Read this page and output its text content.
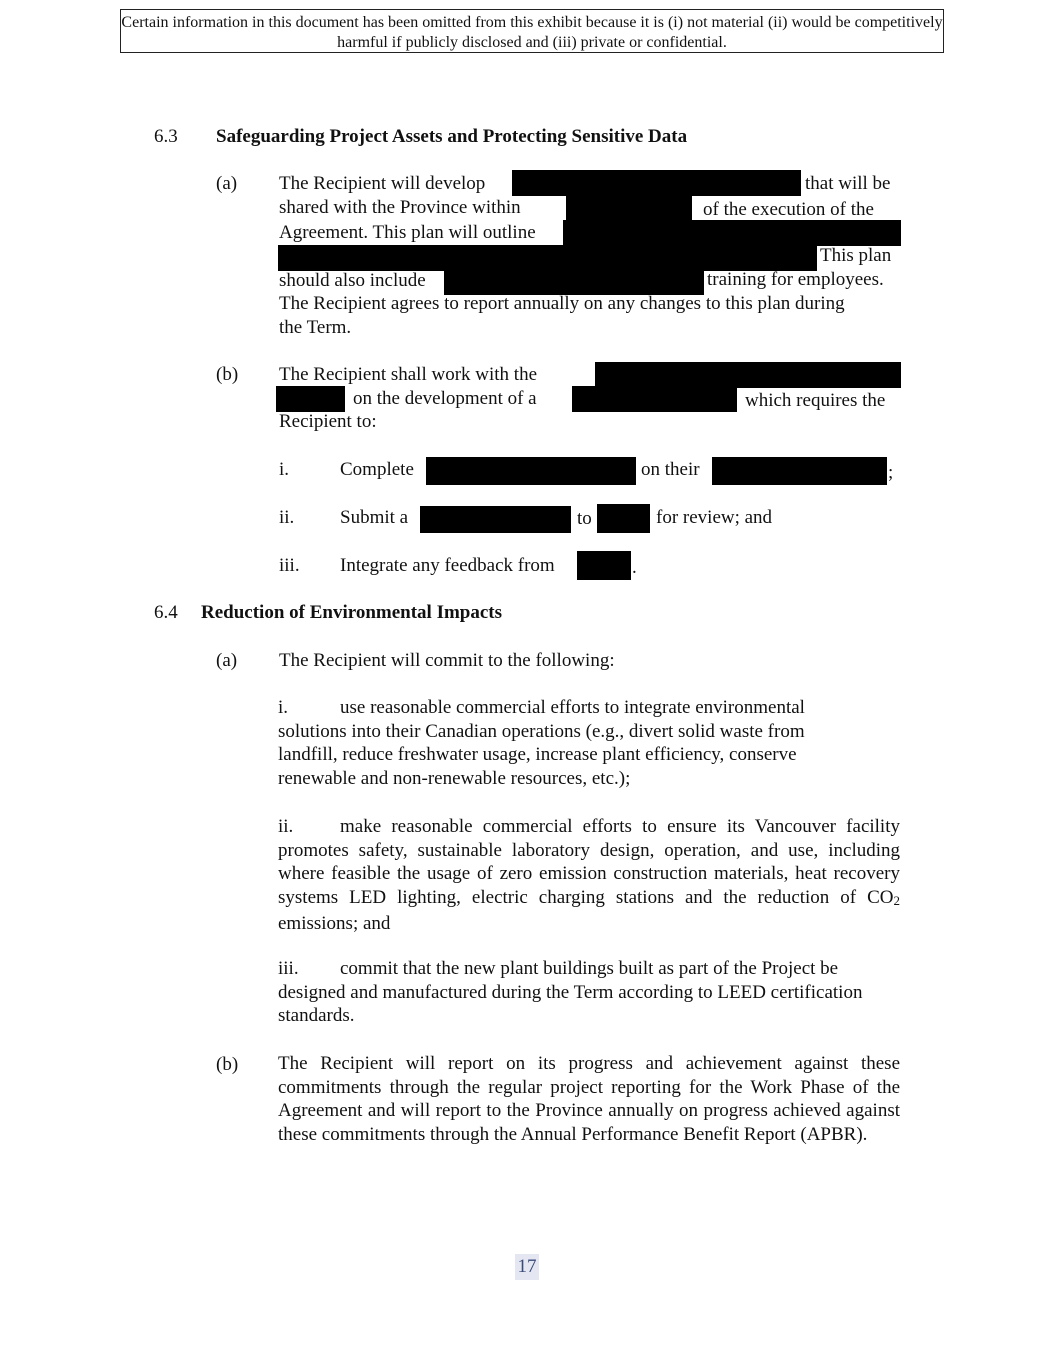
Certain information in this document has been omitted from this exhibit because it is (i) not material (ii) would be competitively harmful if publicly disclosed and (iii) private or confidential.
6.3 Safeguarding Project Assets and Protecting Sensitive Data
(a) The Recipient will develop	that will be
shared with the Province within	of the execution of the
Agreement. This plan will outline
This plan
should also include	training for employees.
The Recipient agrees to report annually on any changes to this plan during
the Term.
(b) The Recipient shall work with the
on the development of a	which requires the
Recipient to:
i.	Complete	on their	;
ii. Submit a	to	for review; and
iii. Integrate any feedback from	.
6.4 Reduction of Environmental Impacts
(a) The Recipient will commit to the following:
i.	use reasonable commercial efforts to integrate environmental solutions into their Canadian operations (e.g., divert solid waste from landfill, reduce freshwater usage, increase plant efficiency, conserve renewable and non-renewable resources, etc.);
ii. make reasonable commercial efforts to ensure its Vancouver facility promotes safety, sustainable laboratory design, operation, and use, including where feasible the usage of zero emission construction materials, heat recovery systems LED lighting, electric charging stations and the reduction of $CO_2$ emissions; and
iii. commit that the new plant buildings built as part of the Project be designed and manufactured during the Term according to LEED certification standards.
(b) The Recipient will report on its progress and achievement against these commitments through the regular project reporting for the Work Phase of the Agreement and will report to the Province annually on progress achieved against these commitments through the Annual Performance Benefit Report (APBR).
17
